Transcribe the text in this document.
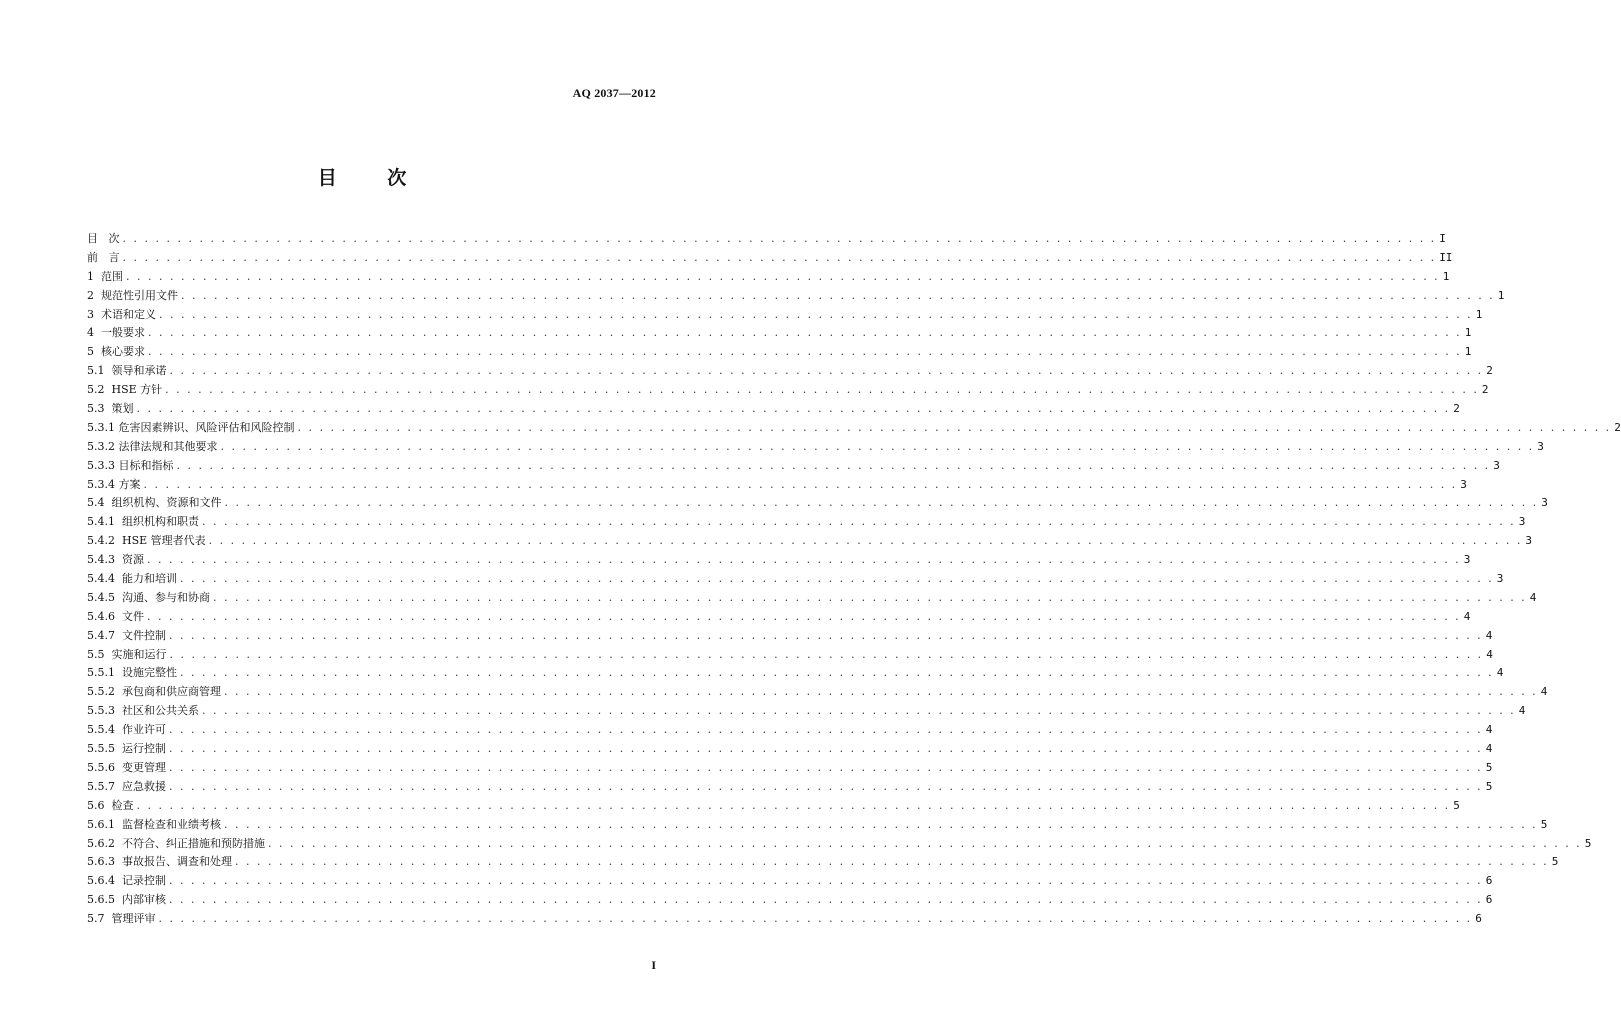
AQ 2037—2012
目 次
目 次 . . . . . . . . . . . . . . . . . . . . . . . . . . . . . . . . . . . . . . . . . . . . . . . . . . . . . . . . . . . . . . . . . . . . . . . . . . . . . . . . . . . . . . . . . . . . . . . . . . . . . . . . . . . . . . . . . . . . . . . . I
前 言 . . . . . . . . . . . . . . . . . . . . . . . . . . . . . . . . . . . . . . . . . . . . . . . . . . . . . . . . . . . . . . . . . . . . . . . . . . . . . . . . . . . . . . . . . . . . . . . . . . . . . . . . . . . . . . . . . . . . . . . . II
1 范围 . . . . . . . . . . . . . . . . . . . . . . . . . . . . . . . . . . . . . . . . . . . . . . . . . . . . . . . . . . . . . . . . . . . . . . . . . . . . . . . . . . . . . . . . . . . . . . . . . . . . . . . . . . . . . . . . . . . . . . . . 1
2 规范性引用文件 . . . . . . . . . . . . . . . . . . . . . . . . . . . . . . . . . . . . . . . . . . . . . . . . . . . . . . . . . . . . . . . . . . . . . . . . . . . . . . . . . . . . . . . . . . . . . . . . . . . . . . . . . . . . . . . . . . . . . . . . 1
3 术语和定义 . . . . . . . . . . . . . . . . . . . . . . . . . . . . . . . . . . . . . . . . . . . . . . . . . . . . . . . . . . . . . . . . . . . . . . . . . . . . . . . . . . . . . . . . . . . . . . . . . . . . . . . . . . . . . . . . . . . . . . . . 1
4 一般要求 . . . . . . . . . . . . . . . . . . . . . . . . . . . . . . . . . . . . . . . . . . . . . . . . . . . . . . . . . . . . . . . . . . . . . . . . . . . . . . . . . . . . . . . . . . . . . . . . . . . . . . . . . . . . . . . . . . . . . . . . 1
5 核心要求 . . . . . . . . . . . . . . . . . . . . . . . . . . . . . . . . . . . . . . . . . . . . . . . . . . . . . . . . . . . . . . . . . . . . . . . . . . . . . . . . . . . . . . . . . . . . . . . . . . . . . . . . . . . . . . . . . . . . . . . . 1
5.1 领导和承诺 . . . . . . . . . . . . . . . . . . . . . . . . . . . . . . . . . . . . . . . . . . . . . . . . . . . . . . . . . . . . . . . . . . . . . . . . . . . . . . . . . . . . . . . . . . . . . . . . . . . . . . . . . . . . . . . . . . . . . . . . 2
5.2 HSE 方针 . . . . . . . . . . . . . . . . . . . . . . . . . . . . . . . . . . . . . . . . . . . . . . . . . . . . . . . . . . . . . . . . . . . . . . . . . . . . . . . . . . . . . . . . . . . . . . . . . . . . . . . . . . . . . . . . . . . . . . . . 2
5.3 策划 . . . . . . . . . . . . . . . . . . . . . . . . . . . . . . . . . . . . . . . . . . . . . . . . . . . . . . . . . . . . . . . . . . . . . . . . . . . . . . . . . . . . . . . . . . . . . . . . . . . . . . . . . . . . . . . . . . . . . . . . 2
5.3.1 危害因素辨识、风险评估和风险控制 . . . . . . . . . . . . . . . . . . . . . . . . . . . . . . . . . . . . . . . . . . . . . . . . . . . . . . . . . . . . . . . . . . . . . . . . . . . . . . . . . . . . . . . . . . . . . . . . . . . . . . . . . . . . . . . . . . . . . . . . 2
5.3.2 法律法规和其他要求 . . . . . . . . . . . . . . . . . . . . . . . . . . . . . . . . . . . . . . . . . . . . . . . . . . . . . . . . . . . . . . . . . . . . . . . . . . . . . . . . . . . . . . . . . . . . . . . . . . . . . . . . . . . . . . . . . . . . . . . . 3
5.3.3 目标和指标 . . . . . . . . . . . . . . . . . . . . . . . . . . . . . . . . . . . . . . . . . . . . . . . . . . . . . . . . . . . . . . . . . . . . . . . . . . . . . . . . . . . . . . . . . . . . . . . . . . . . . . . . . . . . . . . . . . . . . . . . 3
5.3.4 方案 . . . . . . . . . . . . . . . . . . . . . . . . . . . . . . . . . . . . . . . . . . . . . . . . . . . . . . . . . . . . . . . . . . . . . . . . . . . . . . . . . . . . . . . . . . . . . . . . . . . . . . . . . . . . . . . . . . . . . . . . 3
5.4 组织机构、资源和文件 . . . . . . . . . . . . . . . . . . . . . . . . . . . . . . . . . . . . . . . . . . . . . . . . . . . . . . . . . . . . . . . . . . . . . . . . . . . . . . . . . . . . . . . . . . . . . . . . . . . . . . . . . . . . . . . . . . . . . . . . 3
5.4.1 组织机构和职责 . . . . . . . . . . . . . . . . . . . . . . . . . . . . . . . . . . . . . . . . . . . . . . . . . . . . . . . . . . . . . . . . . . . . . . . . . . . . . . . . . . . . . . . . . . . . . . . . . . . . . . . . . . . . . . . . . . . . . . . . 3
5.4.2 HSE 管理者代表 . . . . . . . . . . . . . . . . . . . . . . . . . . . . . . . . . . . . . . . . . . . . . . . . . . . . . . . . . . . . . . . . . . . . . . . . . . . . . . . . . . . . . . . . . . . . . . . . . . . . . . . . . . . . . . . . . . . . . . . . 3
5.4.3 资源 . . . . . . . . . . . . . . . . . . . . . . . . . . . . . . . . . . . . . . . . . . . . . . . . . . . . . . . . . . . . . . . . . . . . . . . . . . . . . . . . . . . . . . . . . . . . . . . . . . . . . . . . . . . . . . . . . . . . . . . . 3
5.4.4 能力和培训 . . . . . . . . . . . . . . . . . . . . . . . . . . . . . . . . . . . . . . . . . . . . . . . . . . . . . . . . . . . . . . . . . . . . . . . . . . . . . . . . . . . . . . . . . . . . . . . . . . . . . . . . . . . . . . . . . . . . . . . . 3
5.4.5 沟通、参与和协商 . . . . . . . . . . . . . . . . . . . . . . . . . . . . . . . . . . . . . . . . . . . . . . . . . . . . . . . . . . . . . . . . . . . . . . . . . . . . . . . . . . . . . . . . . . . . . . . . . . . . . . . . . . . . . . . . . . . . . . . . 4
5.4.6 文件 . . . . . . . . . . . . . . . . . . . . . . . . . . . . . . . . . . . . . . . . . . . . . . . . . . . . . . . . . . . . . . . . . . . . . . . . . . . . . . . . . . . . . . . . . . . . . . . . . . . . . . . . . . . . . . . . . . . . . . . . 4
5.4.7 文件控制 . . . . . . . . . . . . . . . . . . . . . . . . . . . . . . . . . . . . . . . . . . . . . . . . . . . . . . . . . . . . . . . . . . . . . . . . . . . . . . . . . . . . . . . . . . . . . . . . . . . . . . . . . . . . . . . . . . . . . . . . 4
5.5 实施和运行 . . . . . . . . . . . . . . . . . . . . . . . . . . . . . . . . . . . . . . . . . . . . . . . . . . . . . . . . . . . . . . . . . . . . . . . . . . . . . . . . . . . . . . . . . . . . . . . . . . . . . . . . . . . . . . . . . . . . . . . . 4
5.5.1 设施完整性 . . . . . . . . . . . . . . . . . . . . . . . . . . . . . . . . . . . . . . . . . . . . . . . . . . . . . . . . . . . . . . . . . . . . . . . . . . . . . . . . . . . . . . . . . . . . . . . . . . . . . . . . . . . . . . . . . . . . . . . . 4
5.5.2 承包商和供应商管理 . . . . . . . . . . . . . . . . . . . . . . . . . . . . . . . . . . . . . . . . . . . . . . . . . . . . . . . . . . . . . . . . . . . . . . . . . . . . . . . . . . . . . . . . . . . . . . . . . . . . . . . . . . . . . . . . . . . . . . . . 4
5.5.3 社区和公共关系 . . . . . . . . . . . . . . . . . . . . . . . . . . . . . . . . . . . . . . . . . . . . . . . . . . . . . . . . . . . . . . . . . . . . . . . . . . . . . . . . . . . . . . . . . . . . . . . . . . . . . . . . . . . . . . . . . . . . . . . . 4
5.5.4 作业许可 . . . . . . . . . . . . . . . . . . . . . . . . . . . . . . . . . . . . . . . . . . . . . . . . . . . . . . . . . . . . . . . . . . . . . . . . . . . . . . . . . . . . . . . . . . . . . . . . . . . . . . . . . . . . . . . . . . . . . . . . 4
5.5.5 运行控制 . . . . . . . . . . . . . . . . . . . . . . . . . . . . . . . . . . . . . . . . . . . . . . . . . . . . . . . . . . . . . . . . . . . . . . . . . . . . . . . . . . . . . . . . . . . . . . . . . . . . . . . . . . . . . . . . . . . . . . . . 4
5.5.6 变更管理 . . . . . . . . . . . . . . . . . . . . . . . . . . . . . . . . . . . . . . . . . . . . . . . . . . . . . . . . . . . . . . . . . . . . . . . . . . . . . . . . . . . . . . . . . . . . . . . . . . . . . . . . . . . . . . . . . . . . . . . . 5
5.5.7 应急救援 . . . . . . . . . . . . . . . . . . . . . . . . . . . . . . . . . . . . . . . . . . . . . . . . . . . . . . . . . . . . . . . . . . . . . . . . . . . . . . . . . . . . . . . . . . . . . . . . . . . . . . . . . . . . . . . . . . . . . . . . 5
5.6 检查 . . . . . . . . . . . . . . . . . . . . . . . . . . . . . . . . . . . . . . . . . . . . . . . . . . . . . . . . . . . . . . . . . . . . . . . . . . . . . . . . . . . . . . . . . . . . . . . . . . . . . . . . . . . . . . . . . . . . . . . . 5
5.6.1 监督检查和业绩考核 . . . . . . . . . . . . . . . . . . . . . . . . . . . . . . . . . . . . . . . . . . . . . . . . . . . . . . . . . . . . . . . . . . . . . . . . . . . . . . . . . . . . . . . . . . . . . . . . . . . . . . . . . . . . . . . . . . . . . . . . 5
5.6.2 不符合、纠正措施和预防措施 . . . . . . . . . . . . . . . . . . . . . . . . . . . . . . . . . . . . . . . . . . . . . . . . . . . . . . . . . . . . . . . . . . . . . . . . . . . . . . . . . . . . . . . . . . . . . . . . . . . . . . . . . . . . . . . . . . . . . . . . 5
5.6.3 事故报告、调查和处理 . . . . . . . . . . . . . . . . . . . . . . . . . . . . . . . . . . . . . . . . . . . . . . . . . . . . . . . . . . . . . . . . . . . . . . . . . . . . . . . . . . . . . . . . . . . . . . . . . . . . . . . . . . . . . . . . . . . . . . . . 5
5.6.4 记录控制 . . . . . . . . . . . . . . . . . . . . . . . . . . . . . . . . . . . . . . . . . . . . . . . . . . . . . . . . . . . . . . . . . . . . . . . . . . . . . . . . . . . . . . . . . . . . . . . . . . . . . . . . . . . . . . . . . . . . . . . . 6
5.6.5 内部审核 . . . . . . . . . . . . . . . . . . . . . . . . . . . . . . . . . . . . . . . . . . . . . . . . . . . . . . . . . . . . . . . . . . . . . . . . . . . . . . . . . . . . . . . . . . . . . . . . . . . . . . . . . . . . . . . . . . . . . . . . 6
5.7 管理评审 . . . . . . . . . . . . . . . . . . . . . . . . . . . . . . . . . . . . . . . . . . . . . . . . . . . . . . . . . . . . . . . . . . . . . . . . . . . . . . . . . . . . . . . . . . . . . . . . . . . . . . . . . . . . . . . . . . . . . . . . 6
I
